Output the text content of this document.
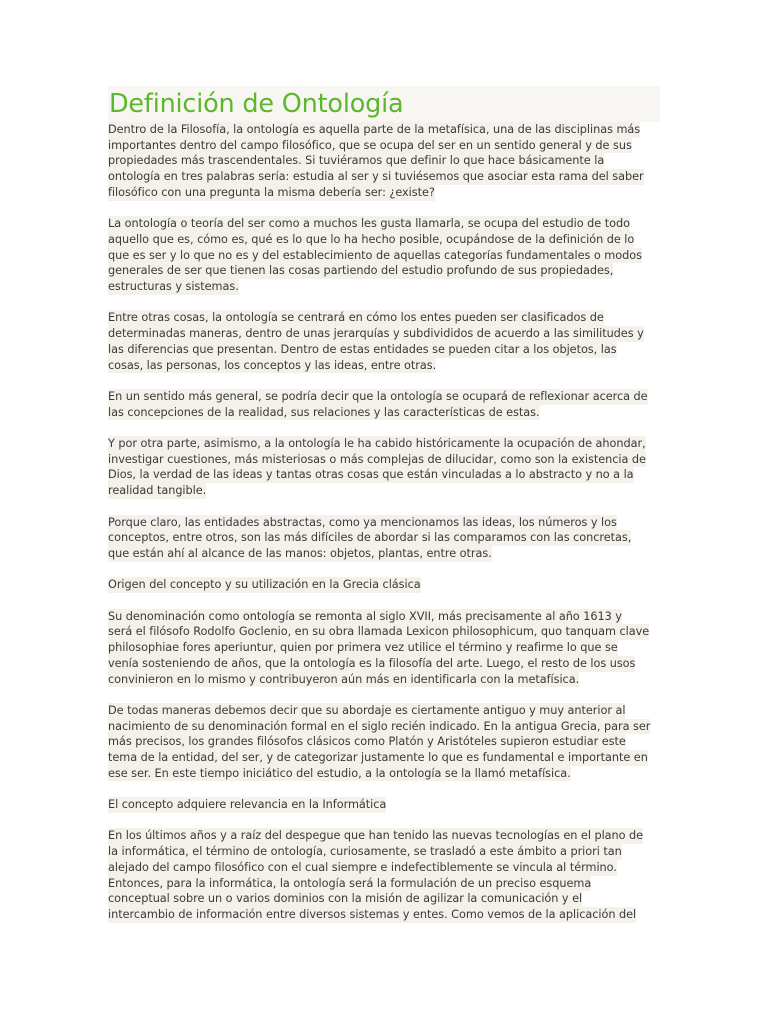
Definición de Ontología

Dentro de la Filosofía, la ontología es aquella parte de la metafísica, una de las disciplinas más
importantes dentro del campo filosófico, que se ocupa del ser en un sentido general y de sus
propiedades más trascendentales. Si tuviéramos que definir lo que hace básicamente la
ontología en tres palabras sería: estudia al ser y si tuviésemos que asociar esta rama del saber
filosófico con una pregunta la misma debería ser: ¿existe?

La ontología o teoría del ser como a muchos les gusta llamarla, se ocupa del estudio de todo
aquello que es, cómo es, qué es lo que lo ha hecho posible, ocupándose de la definición de lo
que es ser y lo que no es y del establecimiento de aquellas categorías fundamentales o modos
generales de ser que tienen las cosas partiendo del estudio profundo de sus propiedades,
estructuras y sistemas.

Entre otras cosas, la ontología se centrará en cómo los entes pueden ser clasificados de
determinadas maneras, dentro de unas jerarquías y subdivididos de acuerdo a las similitudes y
las diferencias que presentan. Dentro de estas entidades se pueden citar a los objetos, las
cosas, las personas, los conceptos y las ideas, entre otras.

En un sentido más general, se podría decir que la ontología se ocupará de reflexionar acerca de
las concepciones de la realidad, sus relaciones y las características de estas.

Y por otra parte, asimismo, a la ontología le ha cabido históricamente la ocupación de ahondar,
investigar cuestiones, más misteriosas o más complejas de dilucidar, como son la existencia de
Dios, la verdad de las ideas y tantas otras cosas que están vinculadas a lo abstracto y no a la
realidad tangible.

Porque claro, las entidades abstractas, como ya mencionamos las ideas, los números y los
conceptos, entre otros, son las más difíciles de abordar si las comparamos con las concretas,
que están ahí al alcance de las manos: objetos, plantas, entre otras.

Origen del concepto y su utilización en la Grecia clásica

Su denominación como ontología se remonta al siglo XVII, más precisamente al año 1613 y
será el filósofo Rodolfo Goclenio, en su obra llamada Lexicon philosophicum, quo tanquam clave
philosophiae fores aperiuntur, quien por primera vez utilice el término y reafirme lo que se
venía sosteniendo de años, que la ontología es la filosofía del arte. Luego, el resto de los usos
convinieron en lo mismo y contribuyeron aún más en identificarla con la metafísica.

De todas maneras debemos decir que su abordaje es ciertamente antiguo y muy anterior al
nacimiento de su denominación formal en el siglo recién indicado. En la antigua Grecia, para ser
más precisos, los grandes filósofos clásicos como Platón y Aristóteles supieron estudiar este
tema de la entidad, del ser, y de categorizar justamente lo que es fundamental e importante en
ese ser. En este tiempo iniciático del estudio, a la ontología se la llamó metafísica.

El concepto adquiere relevancia en la Informática

En los últimos años y a raíz del despegue que han tenido las nuevas tecnologías en el plano de
la informática, el término de ontología, curiosamente, se trasladó a este ámbito a priori tan
alejado del campo filosófico con el cual siempre e indefectiblemente se vincula al término.
Entonces, para la informática, la ontología será la formulación de un preciso esquema
conceptual sobre un o varios dominios con la misión de agilizar la comunicación y el
intercambio de información entre diversos sistemas y entes. Como vemos de la aplicación del
